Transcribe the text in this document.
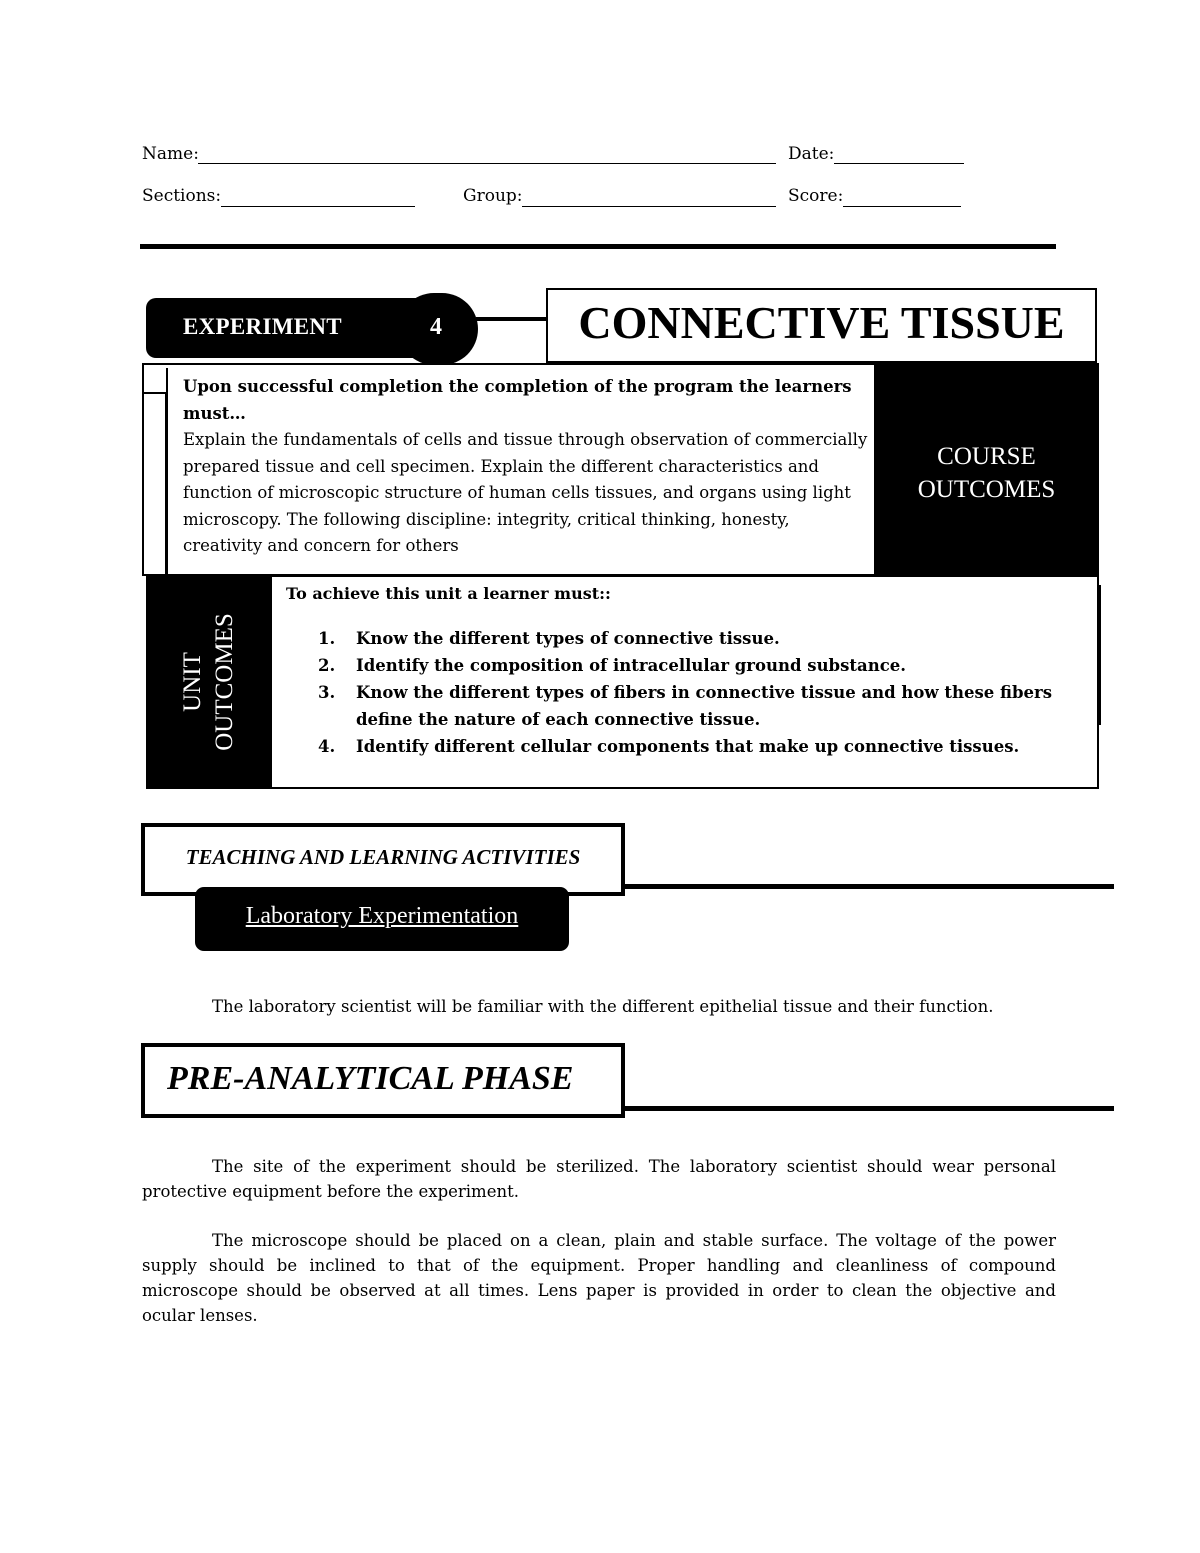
Name:	Date:
Sections:	Group:	Score:
EXPERIMENT	4	CONNECTIVE TISSUE
Upon successful completion the completion of the program the learners must…
Explain the fundamentals of cells and tissue through observation of commercially prepared tissue and cell specimen. Explain the different characteristics and function of microscopic structure of human cells tissues, and organs using light microscopy. The following discipline: integrity, critical thinking, honesty, creativity and concern for others
COURSE
OUTCOMES
UNIT OUTCOMES
To achieve this unit a learner must::
1. Know the different types of connective tissue.
2. Identify the composition of intracellular ground substance.
3. Know the different types of fibers in connective tissue and how these fibers define the nature of each connective tissue.
4. Identify different cellular components that make up connective tissues.
TEACHING AND LEARNING ACTIVITIES
Laboratory Experimentation
The laboratory scientist will be familiar with the different epithelial tissue and their function.
PRE-ANALYTICAL PHASE
The site of the experiment should be sterilized. The laboratory scientist should wear personal protective equipment before the experiment.
The microscope should be placed on a clean, plain and stable surface. The voltage of the power supply should be inclined to that of the equipment. Proper handling and cleanliness of compound microscope should be observed at all times. Lens paper is provided in order to clean the objective and ocular lenses.
